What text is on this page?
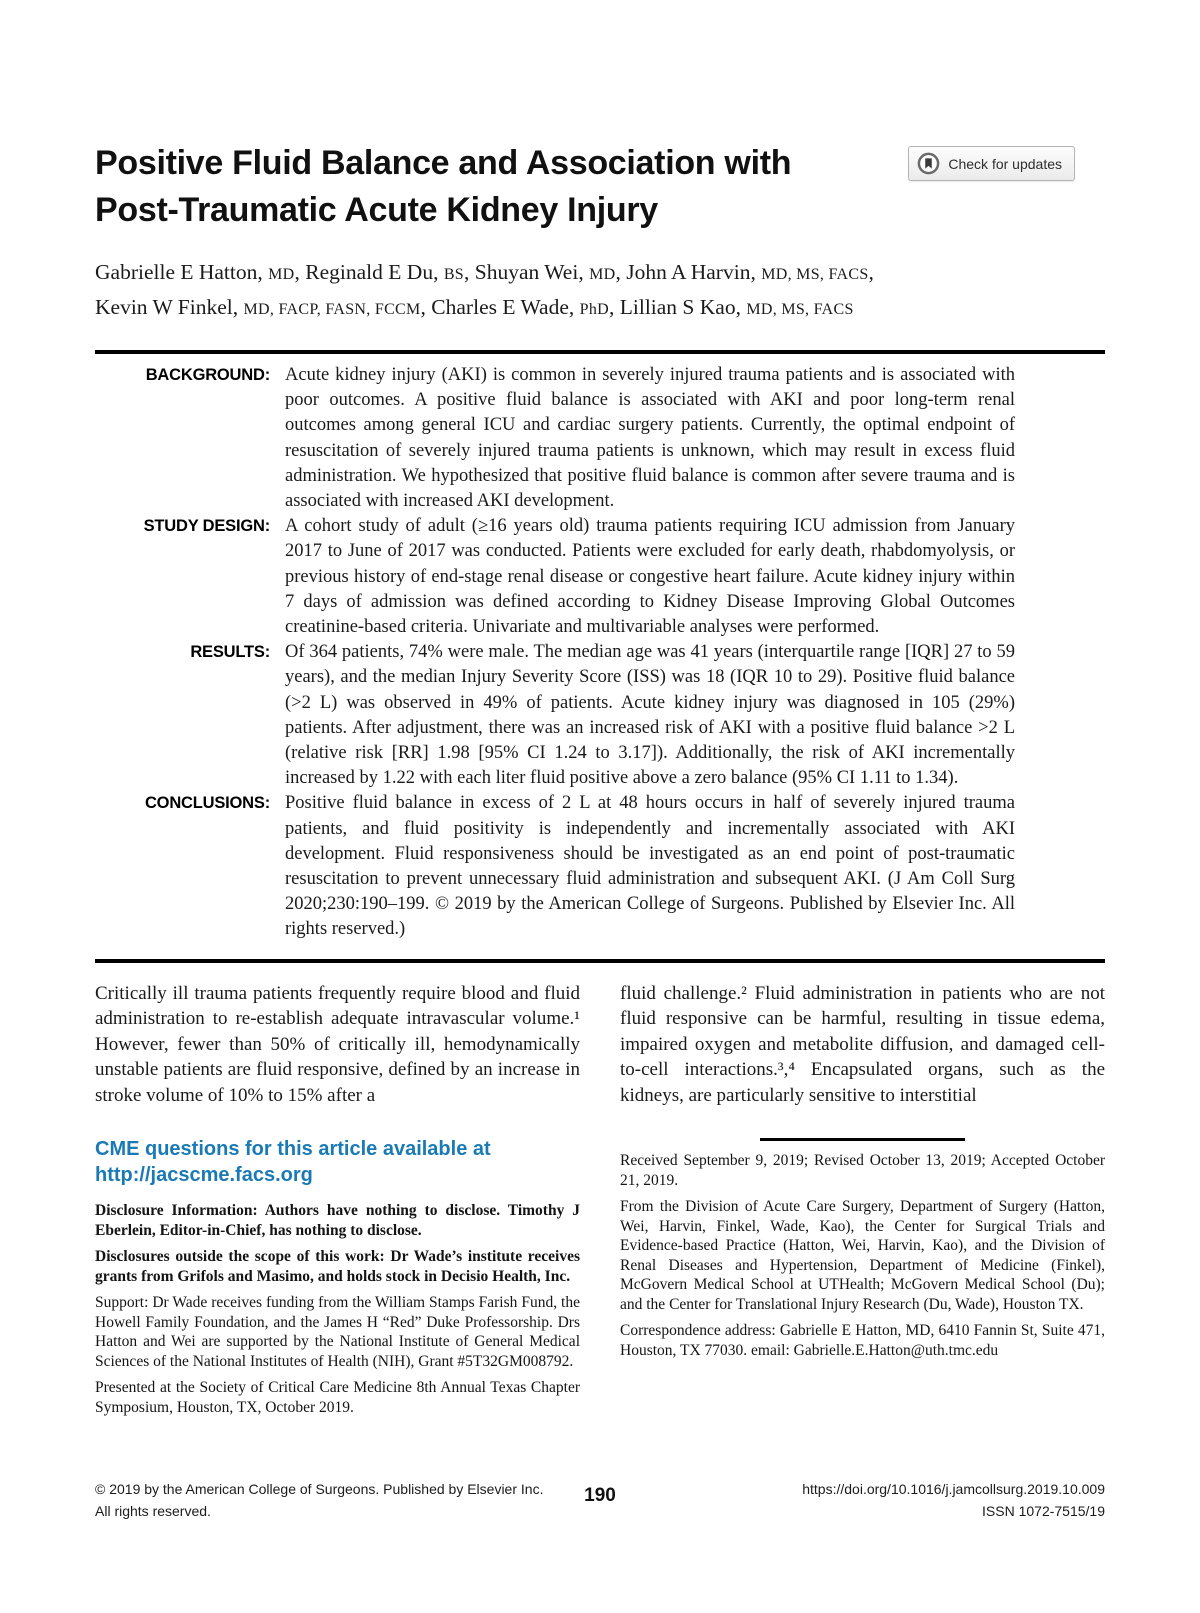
Positive Fluid Balance and Association with
Post-Traumatic Acute Kidney Injury
Check for updates
Gabrielle E Hatton, MD, Reginald E Du, BS, Shuyan Wei, MD, John A Harvin, MD, MS, FACS,
Kevin W Finkel, MD, FACP, FASN, FCCM, Charles E Wade, PhD, Lillian S Kao, MD, MS, FACS
BACKGROUND: Acute kidney injury (AKI) is common in severely injured trauma patients and is associated with poor outcomes. A positive fluid balance is associated with AKI and poor long-term renal outcomes among general ICU and cardiac surgery patients. Currently, the optimal endpoint of resuscitation of severely injured trauma patients is unknown, which may result in excess fluid administration. We hypothesized that positive fluid balance is common after severe trauma and is associated with increased AKI development.
STUDY DESIGN: A cohort study of adult (≥16 years old) trauma patients requiring ICU admission from January 2017 to June of 2017 was conducted. Patients were excluded for early death, rhabdomyolysis, or previous history of end-stage renal disease or congestive heart failure. Acute kidney injury within 7 days of admission was defined according to Kidney Disease Improving Global Outcomes creatinine-based criteria. Univariate and multivariable analyses were performed.
RESULTS: Of 364 patients, 74% were male. The median age was 41 years (interquartile range [IQR] 27 to 59 years), and the median Injury Severity Score (ISS) was 18 (IQR 10 to 29). Positive fluid balance (>2 L) was observed in 49% of patients. Acute kidney injury was diagnosed in 105 (29%) patients. After adjustment, there was an increased risk of AKI with a positive fluid balance >2 L (relative risk [RR] 1.98 [95% CI 1.24 to 3.17]). Additionally, the risk of AKI incrementally increased by 1.22 with each liter fluid positive above a zero balance (95% CI 1.11 to 1.34).
CONCLUSIONS: Positive fluid balance in excess of 2 L at 48 hours occurs in half of severely injured trauma patients, and fluid positivity is independently and incrementally associated with AKI development. Fluid responsiveness should be investigated as an end point of post-traumatic resuscitation to prevent unnecessary fluid administration and subsequent AKI. (J Am Coll Surg 2020;230:190–199. © 2019 by the American College of Surgeons. Published by Elsevier Inc. All rights reserved.)

Critically ill trauma patients frequently require blood and fluid administration to re-establish adequate intravascular volume.¹ However, fewer than 50% of critically ill, hemodynamically unstable patients are fluid responsive, defined by an increase in stroke volume of 10% to 15% after a

CME questions for this article available at
http://jacscme.facs.org

Disclosure Information: Authors have nothing to disclose. Timothy J Eberlein, Editor-in-Chief, has nothing to disclose.

Disclosures outside the scope of this work: Dr Wade’s institute receives grants from Grifols and Masimo, and holds stock in Decisio Health, Inc.

Support: Dr Wade receives funding from the William Stamps Farish Fund, the Howell Family Foundation, and the James H “Red” Duke Professorship. Drs Hatton and Wei are supported by the National Institute of General Medical Sciences of the National Institutes of Health (NIH), Grant #5T32GM008792.

Presented at the Society of Critical Care Medicine 8th Annual Texas Chapter Symposium, Houston, TX, October 2019.

fluid challenge.² Fluid administration in patients who are not fluid responsive can be harmful, resulting in tissue edema, impaired oxygen and metabolite diffusion, and damaged cell-to-cell interactions.³,⁴ Encapsulated organs, such as the kidneys, are particularly sensitive to interstitial

Received September 9, 2019; Revised October 13, 2019; Accepted October 21, 2019.

From the Division of Acute Care Surgery, Department of Surgery (Hatton, Wei, Harvin, Finkel, Wade, Kao), the Center for Surgical Trials and Evidence-based Practice (Hatton, Wei, Harvin, Kao), and the Division of Renal Diseases and Hypertension, Department of Medicine (Finkel), McGovern Medical School at UTHealth; McGovern Medical School (Du); and the Center for Translational Injury Research (Du, Wade), Houston TX.

Correspondence address: Gabrielle E Hatton, MD, 6410 Fannin St, Suite 471, Houston, TX 77030. email: Gabrielle.E.Hatton@uth.tmc.edu

© 2019 by the American College of Surgeons. Published by Elsevier Inc.
All rights reserved.
190	https://doi.org/10.1016/j.jamcollsurg.2019.10.009
ISSN 1072-7515/19
